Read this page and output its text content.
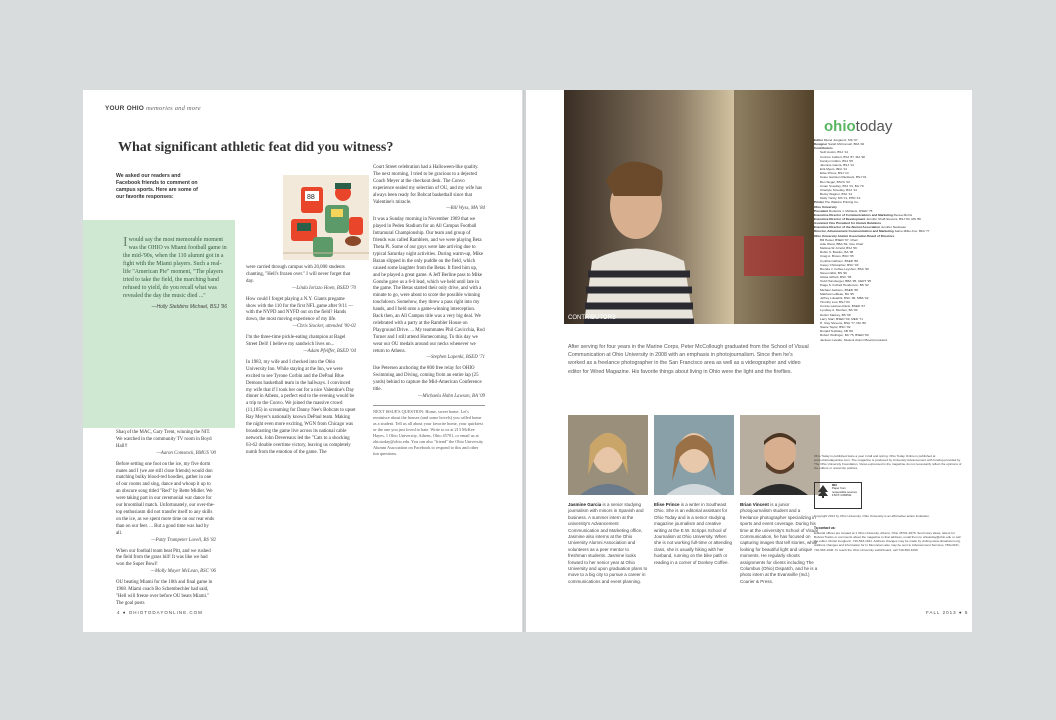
YOUR OHIO memories and more
What significant athletic feat did you witness?
We asked our readers and Facebook friends to comment on campus sports. Here are some of our favorite responses:
Iwould say the most memorable moment was the OHIO vs Miami football game in the mid-'90s, when the 110 alumni got in a fight with the Miami players. Such a real-life "American Pie" moment, "The players tried to take the field, the marching band refused to yield, do you recall what was revealed the day the music died ..."
—Holly Stebbins Michael, BSJ '96
88

Shaq of the MAC, Gary Trent, winning the NIT. We watched in the community TV room in Boyd Hall!!

—Aaron Comstock, BMUS '00

Before setting one foot on the ice, my five dorm mates and I (we are still close friends) would don matching bulky blood-red hoodies, gather in one of our rooms and sing, dance and whoop it up to an obscure song titled "Red" by Bette Midler. We were taking part in our ceremonial war dance for our broomball match. Unfortunately, our over-the-top enthusiasm did not transfer itself to any skills on the ice, as we spent more time on our rear ends than on our feet. ... But a good time was had by all.

—Patty Trumpeter Lovell, BS '82

When our football team beat Pitt, and we rushed the field from the grass hill! It was like we had won the Super Bowl!

—Molly Mayer McLean, BSC '06

OU beating Miami for the 10th and final game in 1968. Miami coach Bo Schembechler had said, "Hell will freeze over before OU beats Miami." The goal posts

were carried through campus with 20,000 students chanting, "Hell's frozen over." I will never forget that day.

—Linda Iorizzo Hoen, BSED '70

How could I forget playing a N.Y. Giants pregame show with the 110 for the first NFL game after 9/11 — with the NYPD and NYFD out on the field? Hands down, the most moving experience of my life.

—Chris Stocker, attended '00-02

I'm the three-time pickle-eating champion at Bagel Street Deli! I believe my sandwich lives on...

—Adam Pfeiffer, BSED '04

In 1983, my wife and I checked into the Ohio University Inn. While staying at the Inn, we were excited to see Tyrone Corbin and the DePaul Blue Demons basketball team in the hallways. I convinced my wife that if I took her out for a nice Valentine's Day dinner in Athens, a perfect end to the evening would be a trip to the Convo. We joined the massive crowd (11,185) in screaming for Danny Nee's Bobcats to upset Ray Meyer's nationally known DePaul team. Making the night even more exciting, WGN from Chicago was broadcasting the game live across its national cable network. John Devereaux led the "Cats to a shocking 63-62 double overtime victory, leaving us completely numb from the emotion of the game. The

Court Street celebration had a Halloween-like quality. The next morning, I tried to be gracious to a dejected Coach Meyer at the checkout desk. The Convo experience sealed my selection of OU, and my wife has always been ready for Bobcat basketball since that Valentine's miracle.

—Bill Wyss, MA '84

It was a Sunday morning in November 1969 that we played in Peden Stadium for an All Campus Football Intramural Championship. Our team and group of friends was called Ramblers, and we were playing Beta Theta Pi. Some of our guys were late arriving due to typical Saturday night activities. During warm-up, Mike Bazan slipped in the only puddle on the field, which caused some laughter from the Betas. It fired him up, and he played a great game. A Jeff Berline pass to Mike Gonshe gave us a 6-0 lead, which we held until late in the game. The Betas started their only drive, and with a minute to go, were about to score the possible winning touchdown. Somehow, they threw a pass right into my hands, and I held onto a game-winning interception. Back then, an All Campus title was a very big deal. We celebrated with a party at the Rambler House on Playground Drive. ... My teammates Phil Cavicchia, Rod Turner and I still attend Homecoming. To this day we wear our OU medals around our necks whenever we return to Athens.

—Stephen Lapenki, BSED '71

Ilse Petersen anchoring the 800 free relay for OHIO Swimming and Diving, coming from an entire lap (25 yards) behind to capture the Mid-American Conference title.

—Michaela Hahn Lawson, BA '09

NEXT ISSUE'S QUESTION: Home, sweet home. Let's reminisce about the houses (and some hovels) you called home as a student. Tell us all about your favorite home, your quirkiest or the one you just loved to hate. Write to us at 213 McKee Hayes, 1 Ohio University, Athens, Ohio 45701, or email us at ohiotoday@ohio.edu. You can also "friend" the Ohio University Alumni Association on Facebook to respond to this and other fun questions.
4 ● OHIOTODAYONLINE.COM
CONTRIBUTORS
ohiotoday
Editor Muriel Jungkunz, MS '97
Designer Sarah McConnell, BFA '02
Contributors
Seth Austin, BSJ '14
Corinne Colbert, BSJ '87, MA '90
Karolyn Collins, BSJ '05
Jasmine Garcia, BSJ '14
Erik Myers, BFA '14
Elise Prince, BSJ '14
Kelee Garrison Riesbeck, BSJ '01
Ben Siegel, BSVC '02
Aman Smedley, BSJ '01, BA '79
Chaclyle Smedley, BSJ '14
Becky Wagner, BSJ '14
Molly Yanity, MS '11, PHD '13
Printer The Watkins Printing Co.
Ohio University
President Roderick J. McDavis, DSED '75
Executive Director of Communications and Marketing Renea Morris
Executive Director of Development Jennifer Shuff-Stevens, BSJ '84, MS '86
Assistant Vice President for Alumni Relations
Executive Director of the Alumni Association Jennifer Neubauer
Director, Advancement Communication and Marketing Jaime Miller-Fox, BFA '77
Ohio University Alumni Association Board of Directors
Bill Heisel, BSED '67, Chair
Adie Weist, BBA '82, Vice Chair
Melissa W. Arnold, BSJ '96
Robin S. Bowlus, BA '98
Craig A. Brown, BSC '95
Cynthia Calhoun, BSED '88
Casey Christopher, BSC '03
Brenda J. Coffee-Leyshon, BSC '90
Steven Ellis, BS '90
Alissa Gifford, BSC '95
Todd Hunsberger, BBA '95, CERT '95
Paige S. Kuthell Henderson, BS '92
Michael Jackson, BSED '68
Matthew LeBeau, BA '95
Jeffrey Lukashik, BSC '96, MBA '02
Timothy Low, BSJ '94
Connie Lawson-Davis, BSED '67
Lyndsay A. Mushen, BA '00
Dustin Starkey, BS '99
Larry Starr, BSED '69, MED '71
H. Clay Stevens, BSA '77, MA '86
Stacie Taylor, BSC '92
Ronald Teplitsky, AB '68
Robert Wolfinger, BA '75, BSED '80
Jackson Lavallo, Student Alumni Board president
After serving for four years in the Marine Corps, Peter McCollough graduated from the School of Visual Communication at Ohio University in 2008 with an emphasis in photojournalism. Since then he's worked as a freelance photographer in the San Francisco area as well as a videographer and video editor for Wired Magazine. His favorite things about living in Ohio were the light and the fireflies.
Jasmine Garcia is a senior studying journalism with minors in Spanish and business. A summer intern at the university's Advancement Communication and Marketing office, Jasmine also interns at the Ohio University Alumni Association and volunteers as a peer mentor to freshman students. Jasmine looks forward to her senior year at Ohio University and upon graduation plans to move to a big city to pursue a career in communications and event planning.
Elise Prince is a writer in Southeast Ohio. She is an editorial assistant for Ohio Today and is a senior studying magazine journalism and creative writing at the E.W. Scripps School of Journalism at Ohio University. When she is not working full-time or attending class, she is usually hiking with her husband, running on the bike path or reading in a corner of Donkey Coffee.
Brian Vincent is a junior photojournalism student and a freelance photographer specializing in sports and event coverage. During his time at the university's School of Visual Communication, he has focused on capturing images that tell stories, while looking for beautiful light and unique moments. He regularly shoots assignments for clients including The Columbus (Ohio) Dispatch, and he is a photo intern at the Evansville (Ind.) Courier & Press.
Ohio Today is published twice a year in fall and spring. Ohio Today Online is published at www.ohiotodayonline.com. The magazine is produced by University Advancement with funding provided by The Ohio University Foundation. Views expressed in the magazine do not necessarily reflect the opinions of the editors or university policies.
MIX
Paper from responsible sources
FSC® C084511
Copyright 2013 by Ohio University. Ohio University is an affirmative action institution.
To contact us:
Editorial offices are located at 1 Ohio University, Athens, Ohio 45701-2979. Send story ideas, letters for Bobcat Tracks or comments about the magazine to that address, email them to ohiotoday@ohio.edu or call the editor, Muriel Jungkunz, 740-593-1941. Address changes may be made by visiting www.ohioalumni.org. Address changes and information for In Memoriam also may be sent to Advancement Services, HDL/ADC, 740-593-1946. To reach the Ohio University switchboard, call 740-593-1000.
FALL 2013 ● 5
